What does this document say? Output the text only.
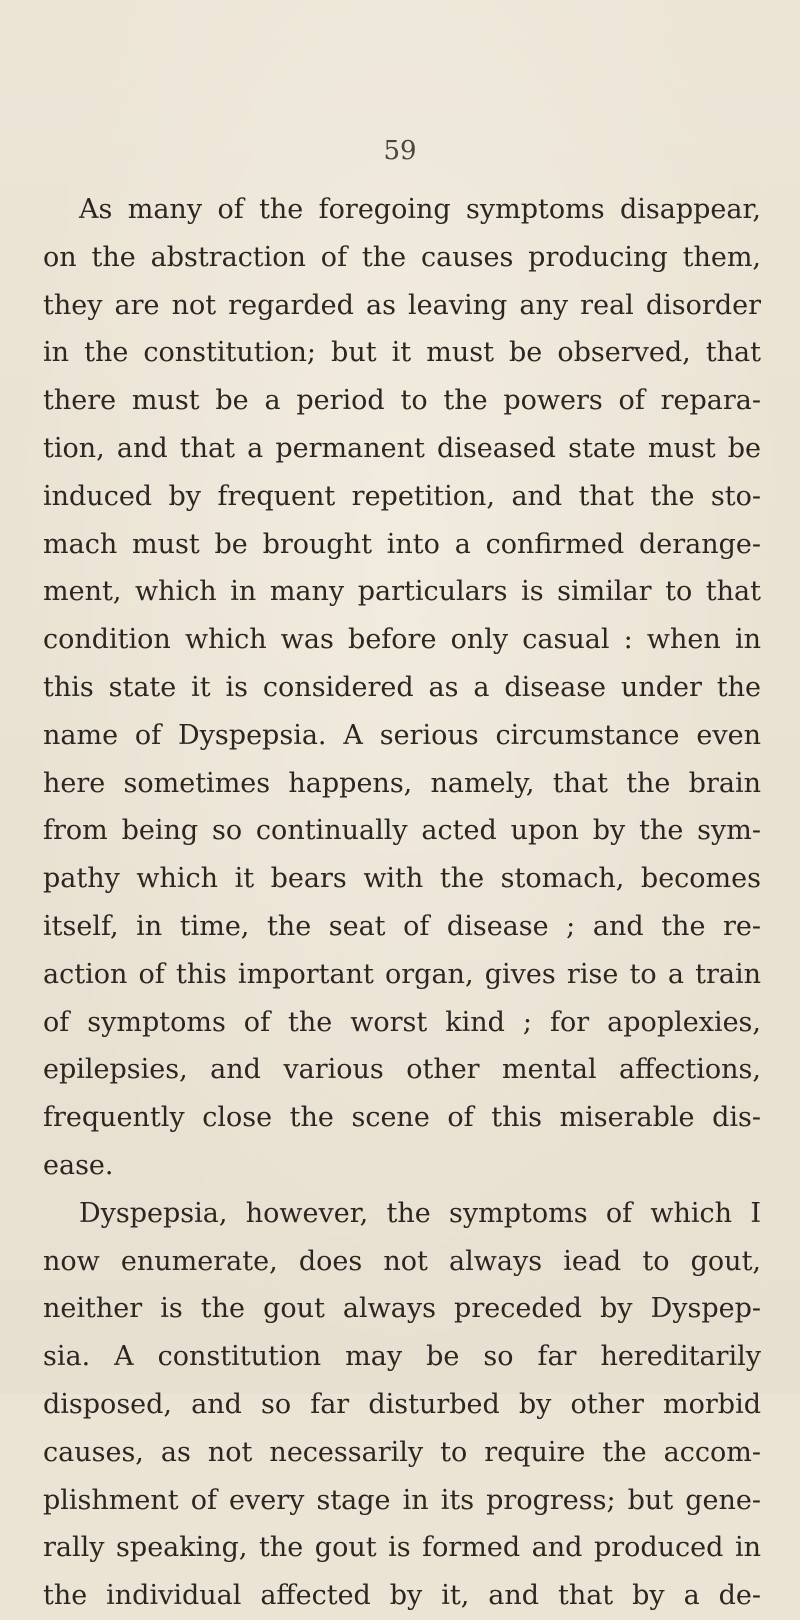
59
As many of the foregoing symptoms disappear,
on the abstraction of the causes producing them,
they are not regarded as leaving any real disorder
in the constitution; but it must be observed, that
there must be a period to the powers of repara-
tion, and that a permanent diseased state must be
induced by frequent repetition, and that the sto-
mach must be brought into a confirmed derange-
ment, which in many particulars is similar to that
condition which was before only casual : when in
this state it is considered as a disease under the
name of Dyspepsia. A serious circumstance even
here sometimes happens, namely, that the brain
from being so continually acted upon by the sym-
pathy which it bears with the stomach, becomes
itself, in time, the seat of disease ; and the re-
action of this important organ, gives rise to a train
of symptoms of the worst kind ; for apoplexies,
epilepsies, and various other mental affections,
frequently close the scene of this miserable dis-
ease.
Dyspepsia, however, the symptoms of which I
now enumerate, does not always iead to gout,
neither is the gout always preceded by Dyspep-
sia. A constitution may be so far hereditarily
disposed, and so far disturbed by other morbid
causes, as not necessarily to require the accom-
plishment of every stage in its progress; but gene-
rally speaking, the gout is formed and produced in
the individual affected by it, and that by a de-
